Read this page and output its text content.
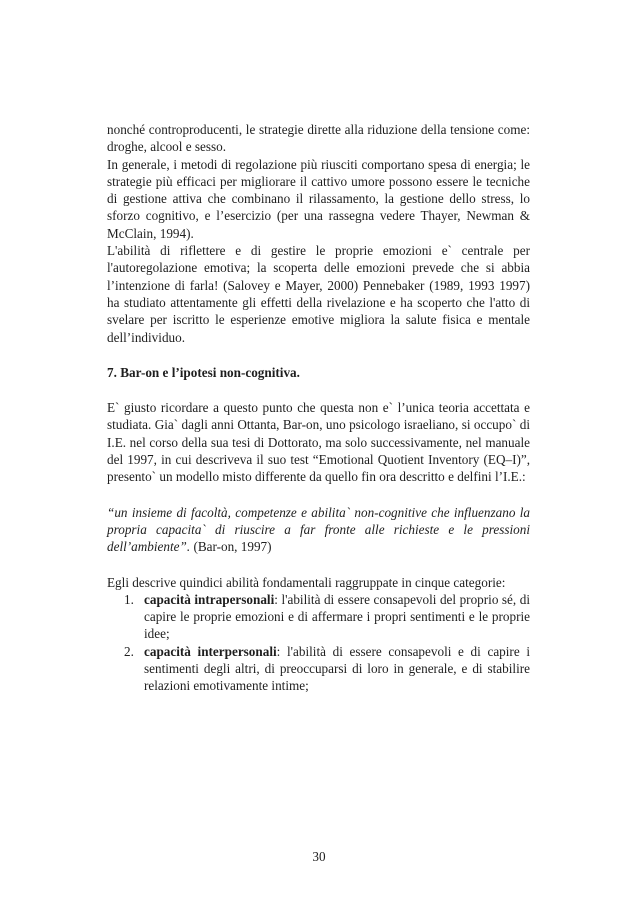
nonché controproducenti, le strategie dirette alla riduzione della tensione come: droghe, alcool e sesso.

In generale, i metodi di regolazione più riusciti comportano spesa di energia; le strategie più efficaci per migliorare il cattivo umore possono essere le tecniche di gestione attiva che combinano il rilassamento, la gestione dello stress, lo sforzo cognitivo, e l’esercizio (per una rassegna vedere Thayer, Newman & McClain, 1994).

L'abilità di riflettere e di gestire le proprie emozioni e` centrale per l'autoregolazione emotiva; la scoperta delle emozioni prevede che si abbia l’intenzione di farla! (Salovey e Mayer, 2000) Pennebaker (1989, 1993 1997) ha studiato attentamente gli effetti della rivelazione e ha scoperto che l'atto di svelare per iscritto le esperienze emotive migliora la salute fisica e mentale dell’individuo.

7. Bar-on e l’ipotesi non-cognitiva.

E` giusto ricordare a questo punto che questa non e` l’unica teoria accettata e studiata. Gia` dagli anni Ottanta, Bar-on, uno psicologo israeliano, si occupo` di I.E. nel corso della sua tesi di Dottorato, ma solo successivamente, nel manuale del 1997, in cui descriveva il suo test “Emotional Quotient Inventory (EQ–I)”, presento` un modello misto differente da quello fin ora descritto e delfini l’I.E.:

“un insieme di facoltà, competenze e abilita` non-cognitive che influenzano la propria capacita` di riuscire a far fronte alle richieste e le pressioni dell’ambiente”. (Bar-on, 1997)

Egli descrive quindici abilità fondamentali raggruppate in cinque categorie:

1. capacità intrapersonali: l'abilità di essere consapevoli del proprio sé, di capire le proprie emozioni e di affermare i propri sentimenti e le proprie idee;
2. capacità interpersonali: l'abilità di essere consapevoli e di capire i sentimenti degli altri, di preoccuparsi di loro in generale, e di stabilire relazioni emotivamente intime;
30
